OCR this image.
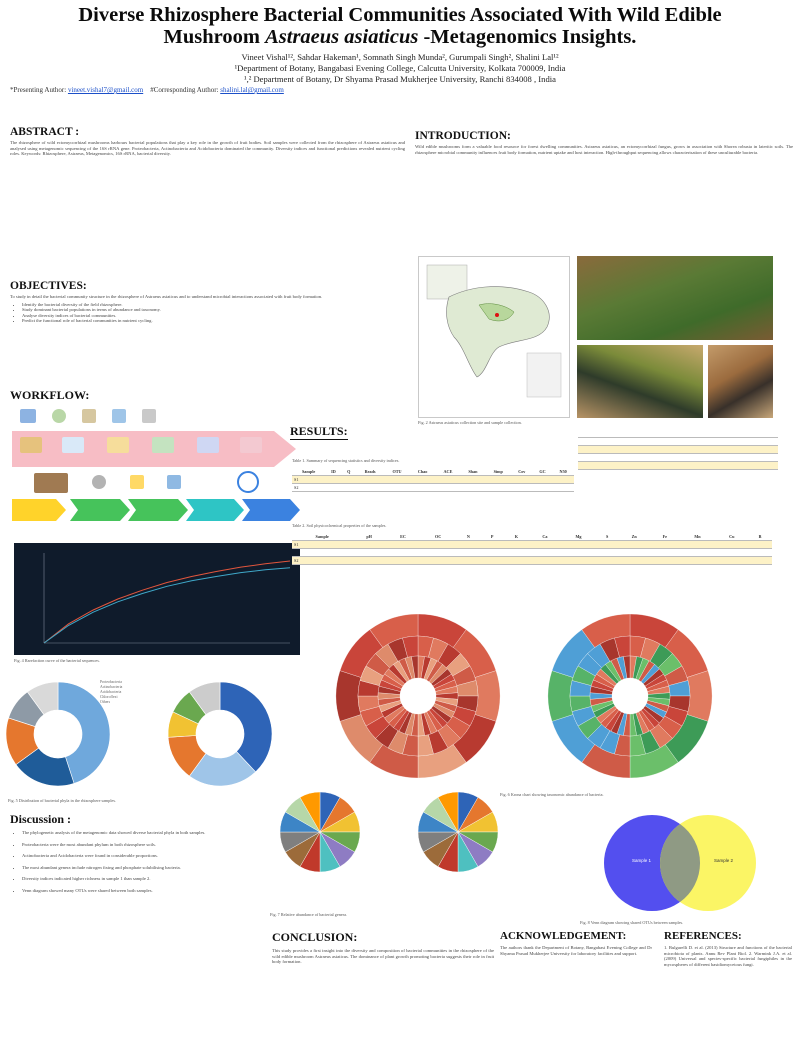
Diverse Rhizosphere Bacterial Communities Associated With Wild Edible
Mushroom Astraeus asiaticus -Metagenomics Insights.
Vineet Vishal¹², Sahdar Hakeman¹, Somnath Singh Munda², Gurumpali Singh², Shalini Lal¹²
¹Department of Botany, Bangabasi Evening College, Calcutta University, Kolkata 700009, India
¹,² Department of Botany, Dr Shyama Prasad Mukherjee University, Ranchi 834008 , India
*Presenting Author: vineet.vishal7@gmail.com #Corresponding Author: shalini.lal@gmail.com
ABSTRACT :
The rhizosphere of wild ectomycorrhizal mushrooms harbours bacterial populations that play a key role in the growth of fruit bodies. Soil samples were collected from the rhizosphere of Astraeus asiaticus and analysed using metagenomic sequencing of the 16S rRNA gene. Proteobacteria, Actinobacteria and Acidobacteria dominated the community. Diversity indices and functional predictions revealed nutrient cycling roles. Keywords: Rhizosphere, Astraeus, Metagenomics, 16S rRNA, bacterial diversity.
OBJECTIVES:
To study in detail the bacterial community structure in the rhizosphere of Astraeus asiaticus and to understand microbial interactions associated with fruit body formation.
• Identify the bacterial diversity of the field rhizosphere.
• Study dominant bacterial populations in terms of abundance and taxonomy.
• Analyse diversity indices of bacterial communities.
• Predict the functional role of bacterial communities in nutrient cycling.
WORKFLOW:
Fig. 4 Rarefaction curve of the bacterial sequences.
Proteobacteria
Actinobacteria
Acidobacteria
Chloroflexi
Others
Fig. 5 Distribution of bacterial phyla in the rhizosphere samples.
Discussion :
• The phylogenetic analysis of the metagenomic data showed diverse bacterial phyla in both samples.
• Proteobacteria were the most abundant phylum in both rhizosphere soils.
• Actinobacteria and Acidobacteria were found in considerable proportions.
• The most abundant genera include nitrogen fixing and phosphate solubilising bacteria.
• Diversity indices indicated higher richness in sample 1 than sample 2.
• Venn diagram showed many OTUs were shared between both samples.
INTRODUCTION:
Wild edible mushrooms form a valuable food resource for forest dwelling communities. Astraeus asiaticus, an ectomycorrhizal fungus, grows in association with Shorea robusta in lateritic soils. The rhizosphere microbial community influences fruit body formation, nutrient uptake and host interaction. High-throughput sequencing allows characterisation of these unculturable bacteria.
Fig. 2 Astraeus asiaticus collection site and sample collection.
RESULTS:
Table 1. Summary of sequencing statistics and diversity indices.
Sample	ID	Q	Reads	OTU	Chao	ACE	Shan	Simp	Cov	GC	N50
S1											
S2											

Table 2. Soil physicochemical properties of the samples.
Sample	pH	EC	OC	N	P	K	Ca	Mg	S	Zn	Fe	Mn	Cu	B
S1														

S2														
Fig. 6 Krona chart showing taxonomic abundance of bacteria.
Fig. 7 Relative abundance of bacterial genera.
Sample 1	Sample 2
Fig. 8 Venn diagram showing shared OTUs between samples.
CONCLUSION:
This study provides a first insight into the diversity and composition of bacterial communities in the rhizosphere of the wild edible mushroom Astraeus asiaticus. The dominance of plant growth promoting bacteria suggests their role in fruit body formation.
ACKNOWLEDGEMENT:
The authors thank the Department of Botany, Bangabasi Evening College and Dr Shyama Prasad Mukherjee University for laboratory facilities and support.
REFERENCES:
1. Bulgarelli D. et al. (2013) Structure and functions of the bacterial microbiota of plants. Annu Rev Plant Biol. 2. Warmink J.A. et al. (2009) Universal and species-specific bacterial fungiphiles in the mycospheres of different basidiomycetous fungi.
